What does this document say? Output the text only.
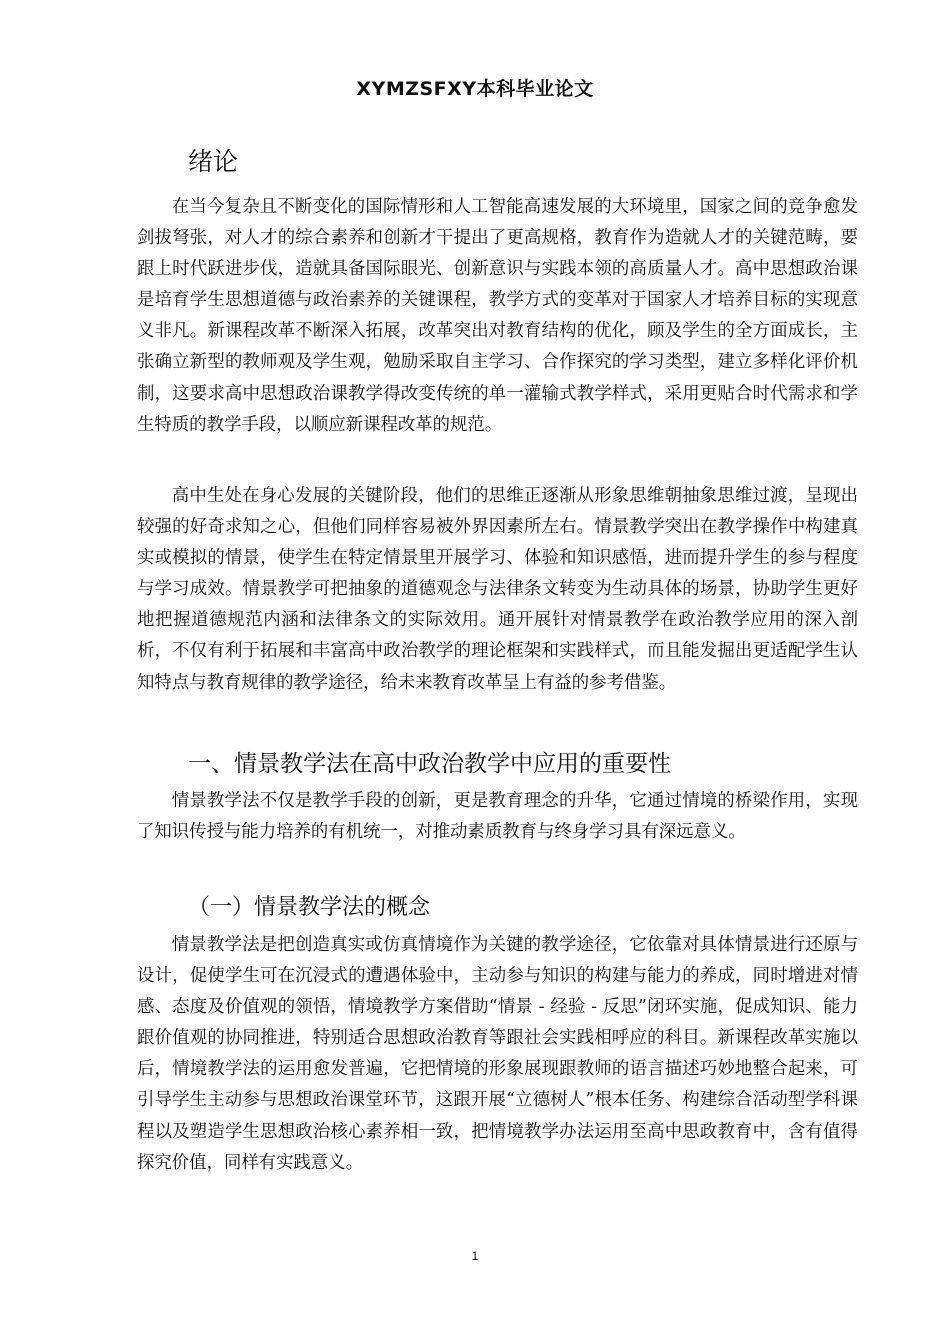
XYMZSFXY本科毕业论文
绪论

在当今复杂且不断变化的国际情形和人工智能高速发展的大环境里，国家之间的竞争愈发剑拔弩张，对人才的综合素养和创新才干提出了更高规格，教育作为造就人才的关键范畴，要跟上时代跃进步伐，造就具备国际眼光、创新意识与实践本领的高质量人才。高中思想政治课是培育学生思想道德与政治素养的关键课程，教学方式的变革对于国家人才培养目标的实现意义非凡。新课程改革不断深入拓展，改革突出对教育结构的优化，顾及学生的全方面成长，主张确立新型的教师观及学生观，勉励采取自主学习、合作探究的学习类型，建立多样化评价机制，这要求高中思想政治课教学得改变传统的单一灌输式教学样式，采用更贴合时代需求和学生特质的教学手段，以顺应新课程改革的规范。

高中生处在身心发展的关键阶段，他们的思维正逐渐从形象思维朝抽象思维过渡，呈现出较强的好奇求知之心，但他们同样容易被外界因素所左右。情景教学突出在教学操作中构建真实或模拟的情景，使学生在特定情景里开展学习、体验和知识感悟，进而提升学生的参与程度与学习成效。情景教学可把抽象的道德观念与法律条文转变为生动具体的场景，协助学生更好地把握道德规范内涵和法律条文的实际效用。通开展针对情景教学在政治教学应用的深入剖析，不仅有利于拓展和丰富高中政治教学的理论框架和实践样式，而且能发掘出更适配学生认知特点与教育规律的教学途径，给未来教育改革呈上有益的参考借鉴。

一、情景教学法在高中政治教学中应用的重要性

情景教学法不仅是教学手段的创新，更是教育理念的升华，它通过情境的桥梁作用，实现了知识传授与能力培养的有机统一，对推动素质教育与终身学习具有深远意义。

（一）情景教学法的概念

情景教学法是把创造真实或仿真情境作为关键的教学途径，它依靠对具体情景进行还原与设计，促使学生可在沉浸式的遭遇体验中，主动参与知识的构建与能力的养成，同时增进对情感、态度及价值观的领悟，情境教学方案借助“情景 - 经验 - 反思”闭环实施，促成知识、能力跟价值观的协同推进，特别适合思想政治教育等跟社会实践相呼应的科目。新课程改革实施以后，情境教学法的运用愈发普遍，它把情境的形象展现跟教师的语言描述巧妙地整合起来，可引导学生主动参与思想政治课堂环节，这跟开展“立德树人”根本任务、构建综合活动型学科课程以及塑造学生思想政治核心素养相一致，把情境教学办法运用至高中思政教育中，含有值得探究价值，同样有实践意义。

1
